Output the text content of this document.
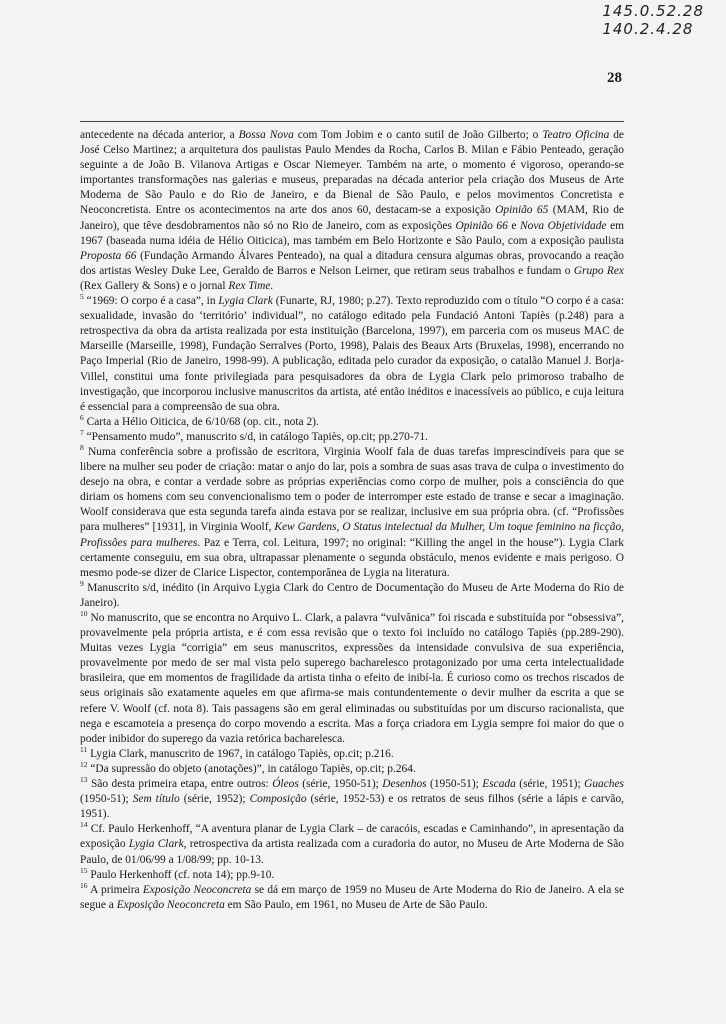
145.0.52.28
140.2.4.28
28

antecedente na década anterior, a Bossa Nova com Tom Jobim e o canto sutil de João Gilberto; o Teatro Oficina de José Celso Martinez; a arquitetura dos paulistas Paulo Mendes da Rocha, Carlos B. Milan e Fábio Penteado, geração seguinte a de João B. Vilanova Artigas e Oscar Niemeyer. Também na arte, o momento é vigoroso, operando-se importantes transformações nas galerias e museus, preparadas na década anterior pela criação dos Museus de Arte Moderna de São Paulo e do Rio de Janeiro, e da Bienal de São Paulo, e pelos movimentos Concretista e Neoconcretista. Entre os acontecimentos na arte dos anos 60, destacam-se a exposição Opinião 65 (MAM, Rio de Janeiro), que têve desdobramentos não só no Rio de Janeiro, com as exposições Opinião 66 e Nova Objetividade em 1967 (baseada numa idéia de Hélio Oiticica), mas também em Belo Horizonte e São Paulo, com a exposição paulista Proposta 66 (Fundação Armando Álvares Penteado), na qual a ditadura censura algumas obras, provocando a reação dos artistas Wesley Duke Lee, Geraldo de Barros e Nelson Leirner, que retiram seus trabalhos e fundam o Grupo Rex (Rex Gallery & Sons) e o jornal Rex Time.

$^5$ “1969: O corpo é a casa”, in Lygia Clark (Funarte, RJ, 1980; p.27). Texto reproduzido com o título “O corpo é a casa: sexualidade, invasão do ‘território’ individual”, no catálogo editado pela Fundació Antoni Tapiès (p.248) para a retrospectiva da obra da artista realizada por esta instituição (Barcelona, 1997), em parceria com os museus MAC de Marseille (Marseille, 1998), Fundação Serralves (Porto, 1998), Palais des Beaux Arts (Bruxelas, 1998), encerrando no Paço Imperial (Rio de Janeiro, 1998-99). A publicação, editada pelo curador da exposição, o catalão Manuel J. Borja-Villel, constitui uma fonte privilegiada para pesquisadores da obra de Lygia Clark pelo primoroso trabalho de investigação, que incorporou inclusive manuscritos da artista, até então inéditos e inacessíveis ao público, e cuja leitura é essencial para a compreensão de sua obra.

$^6$ Carta a Hélio Oiticica, de 6/10/68 (op. cit., nota 2).

$^7$ “Pensamento mudo”, manuscrito s/d, in catálogo Tapiès, op.cit; pp.270-71.

$^8$ Numa conferência sobre a profissão de escritora, Virginia Woolf fala de duas tarefas imprescindíveis para que se libere na mulher seu poder de criação: matar o anjo do lar, pois a sombra de suas asas trava de culpa o investimento do desejo na obra, e contar a verdade sobre as próprias experiências como corpo de mulher, pois a consciência do que diriam os homens com seu convencionalismo tem o poder de interromper este estado de transe e secar a imaginação. Woolf considerava que esta segunda tarefa ainda estava por se realizar, inclusive em sua própria obra. (cf. “Profissões para mulheres” [1931], in Virginia Woolf, Kew Gardens, O Status intelectual da Mulher, Um toque feminino na ficção, Profissões para mulheres. Paz e Terra, col. Leitura, 1997; no original: “Killing the angel in the house”). Lygia Clark certamente conseguiu, em sua obra, ultrapassar plenamente o segunda obstáculo, menos evidente e mais perigoso. O mesmo pode-se dizer de Clarice Lispector, contemporânea de Lygia na literatura.

$^9$ Manuscrito s/d, inédito (in Arquivo Lygia Clark do Centro de Documentação do Museu de Arte Moderna do Rio de Janeiro).

$^{10}$ No manuscrito, que se encontra no Arquivo L. Clark, a palavra “vulvânica” foi riscada e substituída por “obsessiva”, provavelmente pela própria artista, e é com essa revisão que o texto foi incluído no catálogo Tapiès (pp.289-290). Muitas vezes Lygia “corrigia” em seus manuscritos, expressões da intensidade convulsiva de sua experiência, provavelmente por medo de ser mal vista pelo superego bacharelesco protagonizado por uma certa intelectualidade brasileira, que em momentos de fragilidade da artista tinha o efeito de inibí-la. É curioso como os trechos riscados de seus originais são exatamente aqueles em que afirma-se mais contundentemente o devir mulher da escrita a que se refere V. Woolf (cf. nota 8). Tais passagens são em geral eliminadas ou substituídas por um discurso racionalista, que nega e escamoteia a presença do corpo movendo a escrita. Mas a força criadora em Lygia sempre foi maior do que o poder inibidor do superego da vazia retórica bacharelesca.

$^{11}$ Lygia Clark, manuscrito de 1967, in catálogo Tapiès, op.cit; p.216.

$^{12}$ “Da supressão do objeto (anotações)”, in catálogo Tapiès, op.cit; p.264.

$^{13}$ São desta primeira etapa, entre outros: Óleos (série, 1950-51); Desenhos (1950-51); Escada (série, 1951); Guaches (1950-51); Sem título (série, 1952); Composição (série, 1952-53) e os retratos de seus filhos (série a lápis e carvão, 1951).

$^{14}$ Cf. Paulo Herkenhoff, “A aventura planar de Lygia Clark – de caracóis, escadas e Caminhando”, in apresentação da exposição Lygia Clark, retrospectiva da artista realizada com a curadoria do autor, no Museu de Arte Moderna de São Paulo, de 01/06/99 a 1/08/99; pp. 10-13.

$^{15}$ Paulo Herkenhoff (cf. nota 14); pp.9-10.

$^{16}$ A primeira Exposição Neoconcreta se dá em março de 1959 no Museu de Arte Moderna do Rio de Janeiro. A ela se segue a Exposição Neoconcreta em São Paulo, em 1961, no Museu de Arte de São Paulo.
